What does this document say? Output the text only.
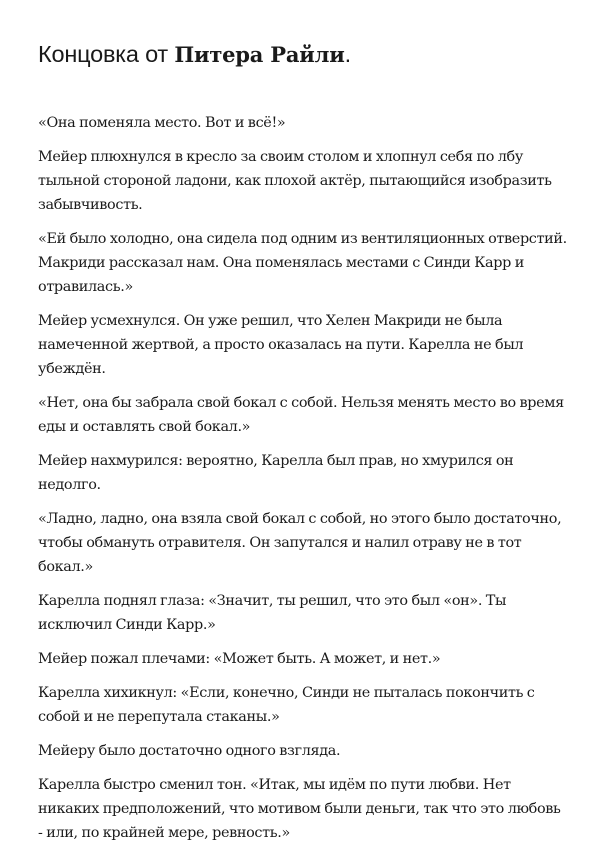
Концовка от Питера Райли.

«Она поменяла место. Вот и всё!»

Мейер плюхнулся в кресло за своим столом и хлопнул себя по лбу тыльной стороной ладони, как плохой актёр, пытающийся изобразить забывчивость.

«Ей было холодно, она сидела под одним из вентиляционных отверстий. Макриди рассказал нам. Она поменялась местами с Синди Карр и отравилась.»

Мейер усмехнулся. Он уже решил, что Хелен Макриди не была намеченной жертвой, а просто оказалась на пути. Карелла не был убеждён.

«Нет, она бы забрала свой бокал с собой. Нельзя менять место во время еды и оставлять свой бокал.»

Мейер нахмурился: вероятно, Карелла был прав, но хмурился он недолго.

«Ладно, ладно, она взяла свой бокал с собой, но этого было достаточно, чтобы обмануть отравителя. Он запутался и налил отраву не в тот бокал.»

Карелла поднял глаза: «Значит, ты решил, что это был «он». Ты исключил Синди Карр.»

Мейер пожал плечами: «Может быть. А может, и нет.»

Карелла хихикнул: «Если, конечно, Синди не пыталась покончить с собой и не перепутала стаканы.»

Мейеру было достаточно одного взгляда.

Карелла быстро сменил тон. «Итак, мы идём по пути любви. Нет никаких предположений, что мотивом были деньги, так что это любовь - или, по крайней мере, ревность.»
